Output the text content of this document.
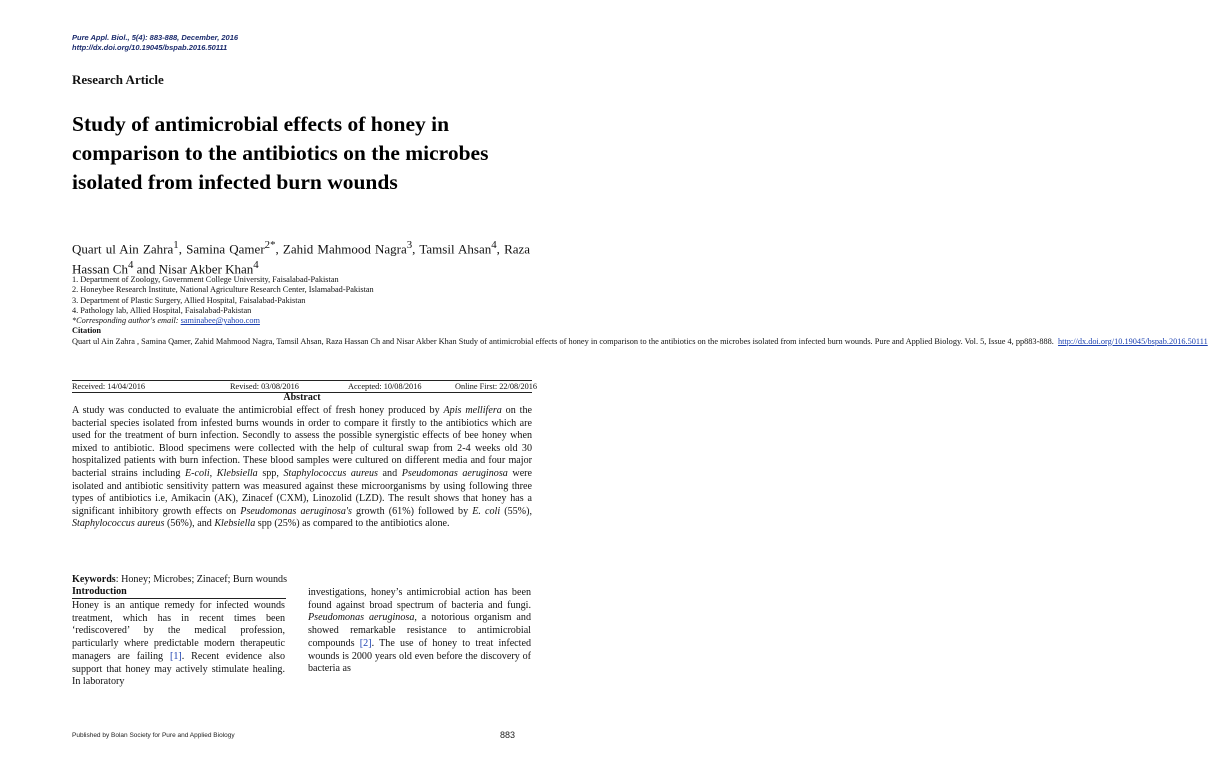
Pure Appl. Biol., 5(4): 883-888, December, 2016
http://dx.doi.org/10.19045/bspab.2016.50111
Research Article
Study of antimicrobial effects of honey in comparison to the antibiotics on the microbes isolated from infected burn wounds
Quart ul Ain Zahra$^1$, Samina Qamer$^{2*}$, Zahid Mahmood Nagra$^3$, Tamsil Ahsan$^4$, Raza Hassan Ch$^4$ and Nisar Akber Khan$^4$
1. Department of Zoology, Government College University, Faisalabad-Pakistan
2. Honeybee Research Institute, National Agriculture Research Center, Islamabad-Pakistan
3. Department of Plastic Surgery, Allied Hospital, Faisalabad-Pakistan
4. Pathology lab, Allied Hospital, Faisalabad-Pakistan
*Corresponding author's email: saminabee@yahoo.com
Citation
Quart ul Ain Zahra , Samina Qamer, Zahid Mahmood Nagra, Tamsil Ahsan, Raza Hassan Ch and Nisar Akber Khan Study of antimicrobial effects of honey in comparison to the antibiotics on the microbes isolated from infected burn wounds. Pure and Applied Biology. Vol. 5, Issue 4, pp883-888. http://dx.doi.org/10.19045/bspab.2016.50111
Received: 14/04/2016	Revised: 03/08/2016	Accepted: 10/08/2016	Online First: 22/08/2016
Abstract
A study was conducted to evaluate the antimicrobial effect of fresh honey produced by Apis mellifera on the bacterial species isolated from infested burns wounds in order to compare it firstly to the antibiotics which are used for the treatment of burn infection. Secondly to assess the possible synergistic effects of bee honey when mixed to antibiotic. Blood specimens were collected with the help of cultural swap from 2-4 weeks old 30 hospitalized patients with burn infection. These blood samples were cultured on different media and four major bacterial strains including E-coli, Klebsiella spp, Staphylococcus aureus and Pseudomonas aeruginosa were isolated and antibiotic sensitivity pattern was measured against these microorganisms by using following three types of antibiotics i.e, Amikacin (AK), Zinacef (CXM), Linozolid (LZD). The result shows that honey has a significant inhibitory growth effects on Pseudomonas aeruginosa's growth (61%) followed by E. coli (55%), Staphylococcus aureus (56%), and Klebsiella spp (25%) as compared to the antibiotics alone.
Keywords: Honey; Microbes; Zinacef; Burn wounds
Introduction
Honey is an antique remedy for infected wounds treatment, which has in recent times been ‘rediscovered’ by the medical profession, particularly where predictable modern therapeutic managers are failing [1]. Recent evidence also support that honey may actively stimulate healing. In laboratory
investigations, honey’s antimicrobial action has been found against broad spectrum of bacteria and fungi. Pseudomonas aeruginosa, a notorious organism and showed remarkable resistance to antimicrobial compounds [2]. The use of honey to treat infected wounds is 2000 years old even before the discovery of bacteria as
Published by Bolan Society for Pure and Applied Biology	883
